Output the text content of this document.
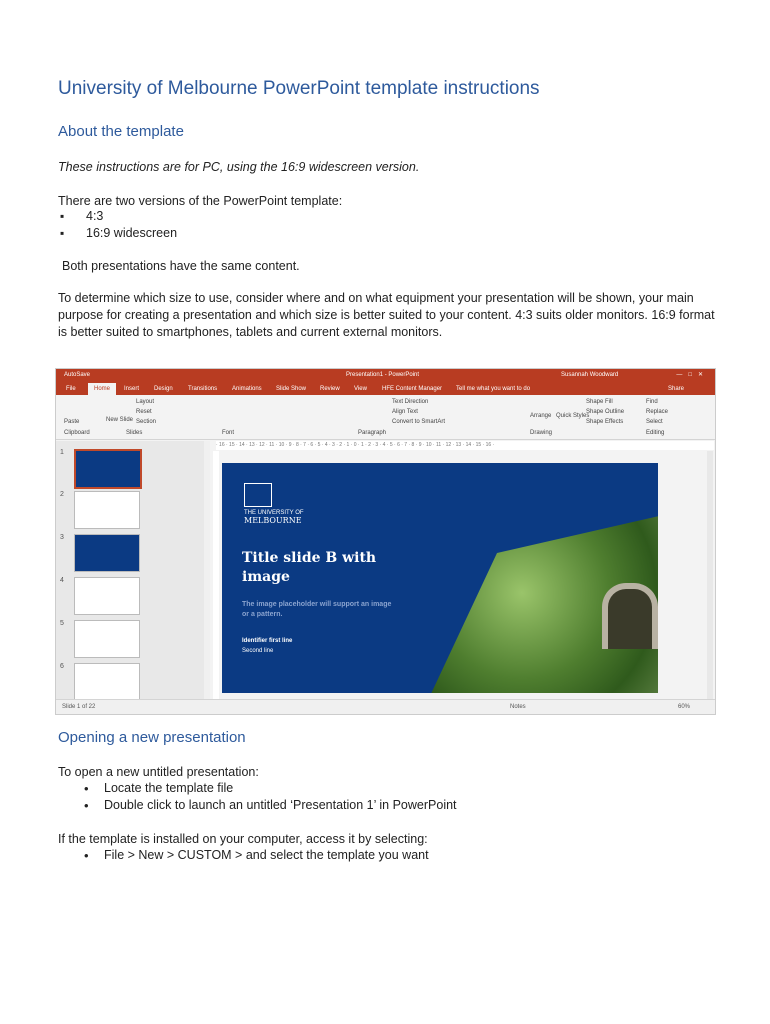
University of Melbourne PowerPoint template instructions
About the template
These instructions are for PC, using the 16:9 widescreen version.
There are two versions of the PowerPoint template:
▪ 4:3
▪ 16:9 widescreen
Both presentations have the same content.
To determine which size to use, consider where and on what equipment your presentation will be shown, your main purpose for creating a presentation and which size is better suited to your content. 4:3 suits older monitors. 16:9 format is better suited to smartphones, tablets and current external monitors.
AutoSave	Presentation1 - PowerPoint	Susannah Woodward	—□✕
File	Home	Insert Design	Transitions Animations Slide Show Review View	HFE Content Manager Tell me what you want to do	Share
Paste	New Slide
Layout
Reset
Section
Text Direction
Align Text
Convert to SmartArt
Arrange Quick Styles
Shape Fill
Shape Outline
Shape Effects
Find
Replace
Select
Clipboard	Slides	Font	Paragraph	Drawing	Editing
1
2
3
4
5
6
· 16 · 15 · 14 · 13 · 12 · 11 · 10 · 9 · 8 · 7 · 6 · 5 · 4 · 3 · 2 · 1 · 0 · 1 · 2 · 3 · 4 · 5 · 6 · 7 · 8 · 9 · 10 · 11 · 12 · 13 · 14 · 15 · 16 ·
THE UNIVERSITY OF
MELBOURNE
Title slide B with image
The image placeholder will support an image or a pattern.
Identifier first line
Second line
Slide 1 of 22	Notes	60%
Opening a new presentation
To open a new untitled presentation:
• Locate the template file
• Double click to launch an untitled ‘Presentation 1’ in PowerPoint
If the template is installed on your computer, access it by selecting:
• File > New > CUSTOM > and select the template you want
